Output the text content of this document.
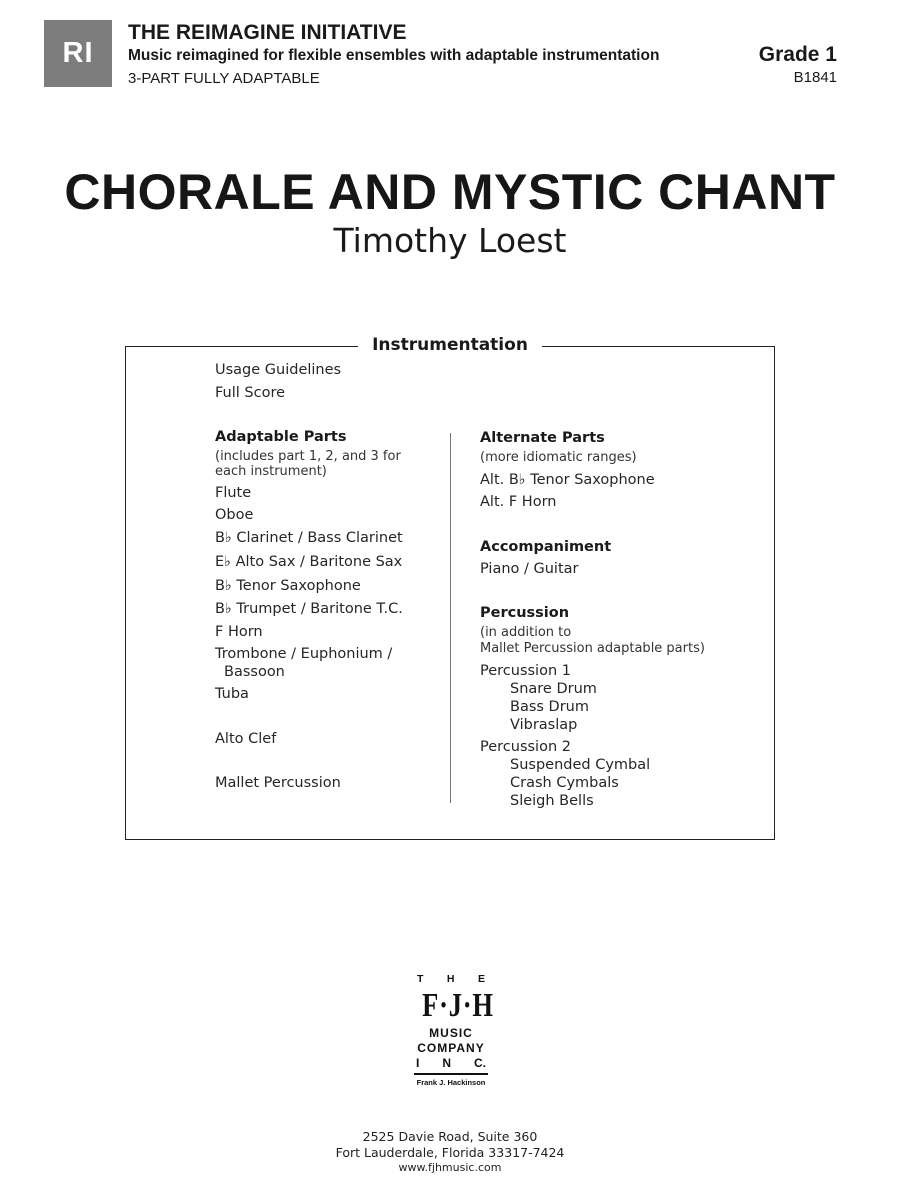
RI
THE REIMAGINE INITIATIVE
Music reimagined for flexible ensembles with adaptable instrumentation
3-PART FULLY ADAPTABLE
Grade 1
B1841
CHORALE AND MYSTIC CHANT
Timothy Loest
Instrumentation
Usage Guidelines
Full Score
Adaptable Parts
(includes part 1, 2, and 3 for
each instrument)
Flute
Oboe
B♭ Clarinet / Bass Clarinet
E♭ Alto Sax / Baritone Sax
B♭ Tenor Saxophone
B♭ Trumpet / Baritone T.C.
F Horn
Trombone / Euphonium /
Bassoon
Tuba
Alto Clef
Mallet Percussion
Alternate Parts
(more idiomatic ranges)
Alt. B♭ Tenor Saxophone
Alt. F Horn
Accompaniment
Piano / Guitar
Percussion
(in addition to
Mallet Percussion adaptable parts)
Percussion 1
Snare Drum
Bass Drum
Vibraslap
Percussion 2
Suspended Cymbal
Crash Cymbals
Sleigh Bells
T H E
F·J·H
MUSIC
COMPANY
I N C.
Frank J. Hackinson
2525 Davie Road, Suite 360
Fort Lauderdale, Florida 33317-7424
www.fjhmusic.com
